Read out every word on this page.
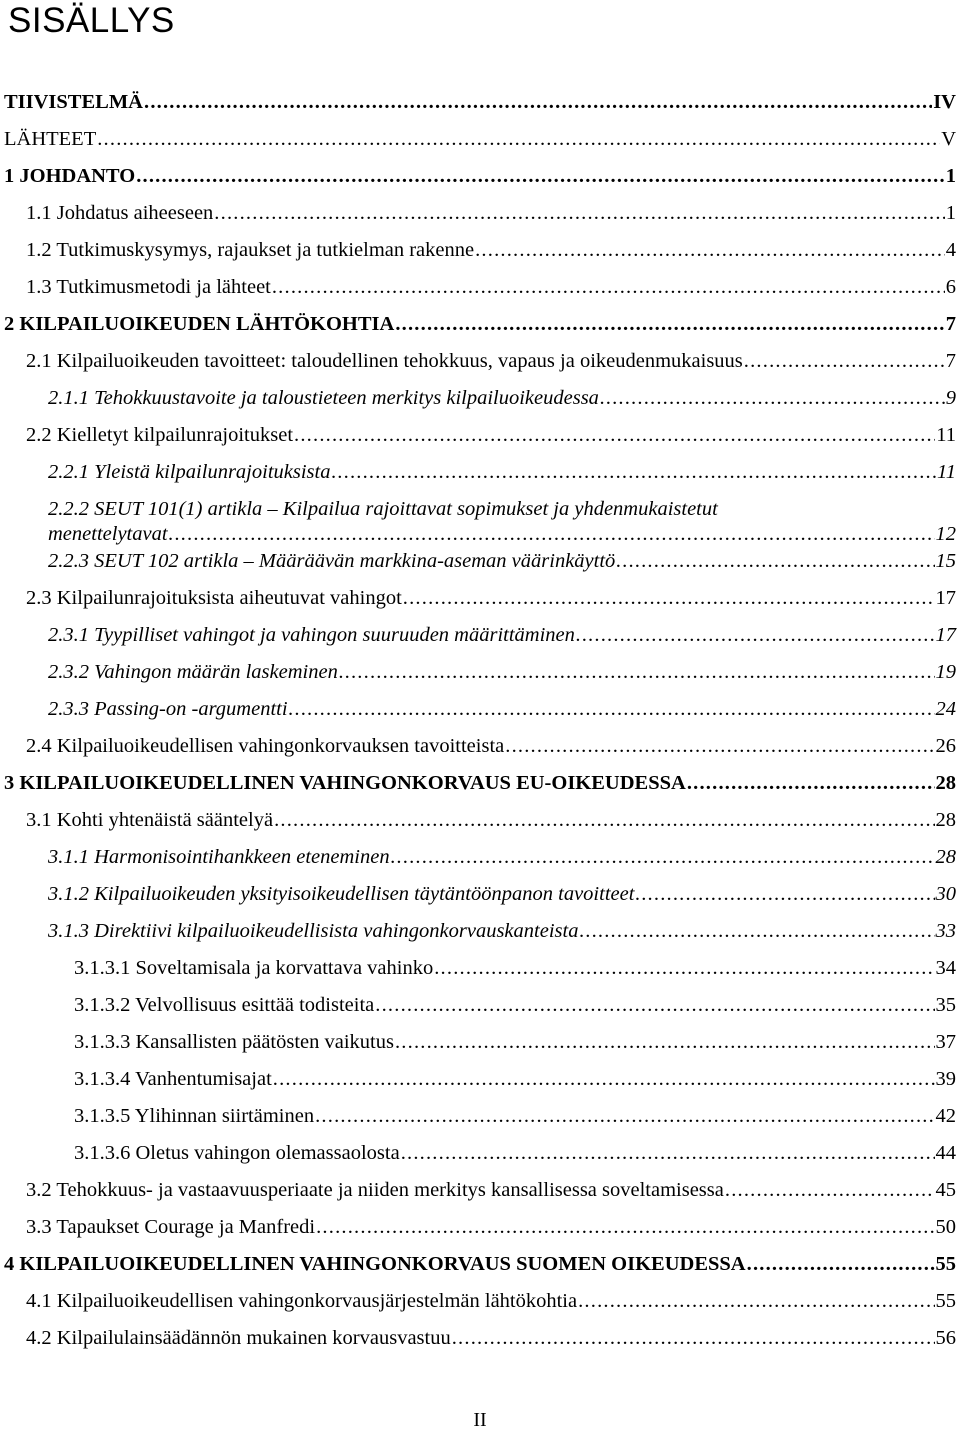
SISÄLLYS
TIIVISTELMÄ .....	IV
LÄHTEET .....	V
1 JOHDANTO .....	1
1.1 Johdatus aiheeseen .....	1
1.2 Tutkimuskysymys, rajaukset ja tutkielman rakenne .....	4
1.3 Tutkimusmetodi ja lähteet .....	6
2 KILPAILUOIKEUDEN LÄHTÖKOHTIA .....	7
2.1 Kilpailuoikeuden tavoitteet: taloudellinen tehokkuus, vapaus ja oikeudenmukaisuus .....	7
2.1.1 Tehokkuustavoite ja taloustieteen merkitys kilpailuoikeudessa .....	9
2.2 Kielletyt kilpailunrajoitukset .....	11
2.2.1 Yleistä kilpailunrajoituksista .....	11
2.2.2 SEUT 101(1) artikla – Kilpailua rajoittavat sopimukset ja yhdenmukaistetut
menettelytavat .....	12
2.2.3 SEUT 102 artikla – Määräävän markkina-aseman väärinkäyttö .....	15
2.3 Kilpailunrajoituksista aiheutuvat vahingot .....	17
2.3.1 Tyypilliset vahingot ja vahingon suuruuden määrittäminen .....	17
2.3.2 Vahingon määrän laskeminen .....	19
2.3.3 Passing-on -argumentti .....	24
2.4 Kilpailuoikeudellisen vahingonkorvauksen tavoitteista .....	26
3 KILPAILUOIKEUDELLINEN VAHINGONKORVAUS EU-OIKEUDESSA .....	28
3.1 Kohti yhtenäistä sääntelyä .....	28
3.1.1 Harmonisointihankkeen eteneminen .....	28
3.1.2 Kilpailuoikeuden yksityisoikeudellisen täytäntöönpanon tavoitteet .....	30
3.1.3 Direktiivi kilpailuoikeudellisista vahingonkorvauskanteista .....	33
3.1.3.1 Soveltamisala ja korvattava vahinko .....	34
3.1.3.2 Velvollisuus esittää todisteita .....	35
3.1.3.3 Kansallisten päätösten vaikutus .....	37
3.1.3.4 Vanhentumisajat .....	39
3.1.3.5 Ylihinnan siirtäminen .....	42
3.1.3.6 Oletus vahingon olemassaolosta .....	44
3.2 Tehokkuus- ja vastaavuusperiaate ja niiden merkitys kansallisessa soveltamisessa .....	45
3.3 Tapaukset Courage ja Manfredi .....	50
4 KILPAILUOIKEUDELLINEN VAHINGONKORVAUS SUOMEN OIKEUDESSA .....	55
4.1 Kilpailuoikeudellisen vahingonkorvausjärjestelmän lähtökohtia .....	55
4.2 Kilpailulainsäädännön mukainen korvausvastuu .....	56
II
